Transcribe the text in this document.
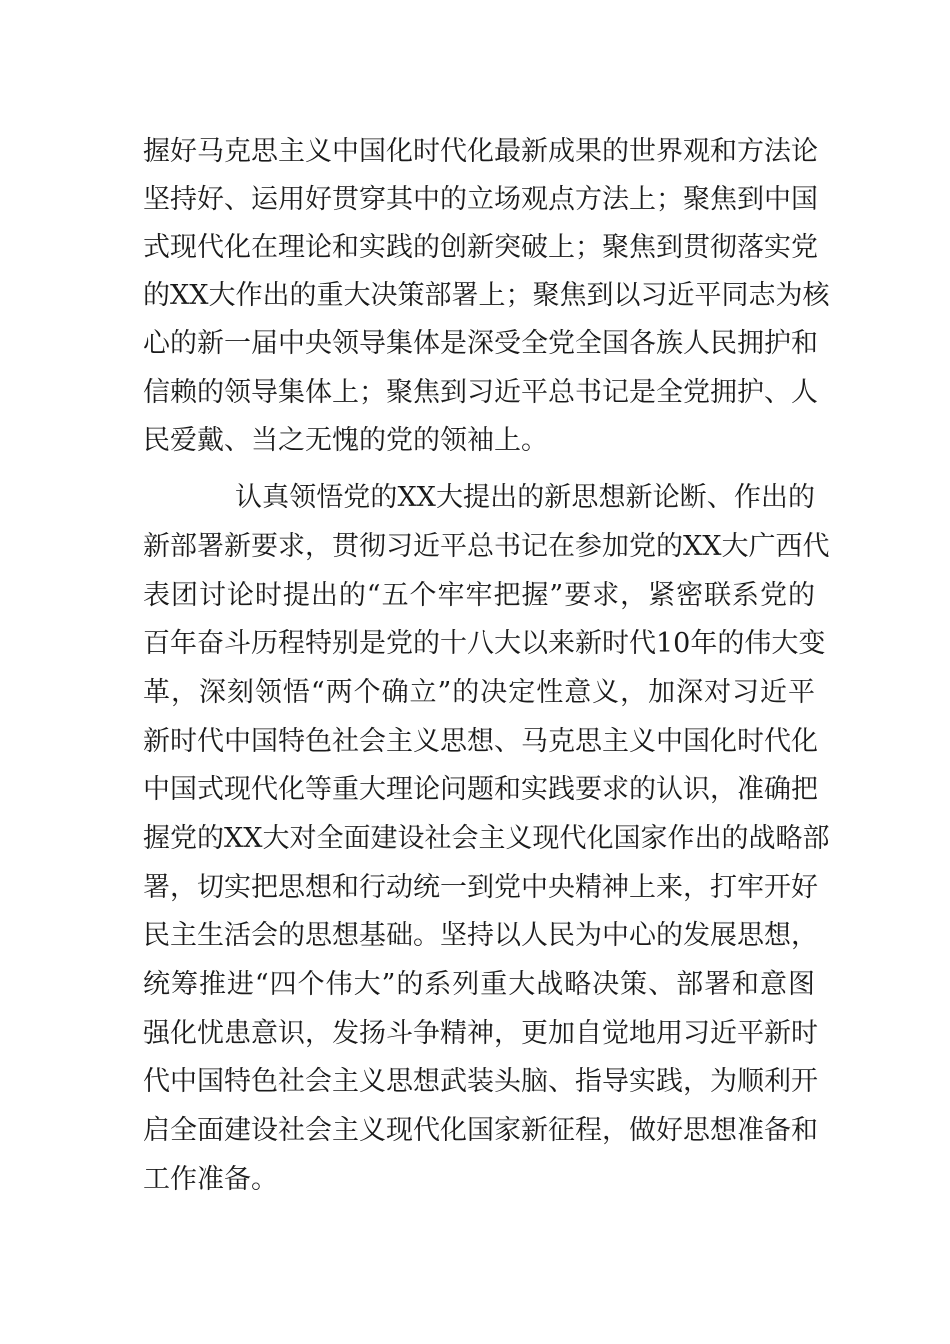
握好马克思主义中国化时代化最新成果的世界观和方法论
坚持好、运用好贯穿其中的立场观点方法上；聚焦到中国
式现代化在理论和实践的创新突破上；聚焦到贯彻落实党
的XX大作出的重大决策部署上；聚焦到以习近平同志为核
心的新一届中央领导集体是深受全党全国各族人民拥护和
信赖的领导集体上；聚焦到习近平总书记是全党拥护、人
民爱戴、当之无愧的党的领袖上。
认真领悟党的XX大提出的新思想新论断、作出的
新部署新要求，贯彻习近平总书记在参加党的XX大广西代
表团讨论时提出的“五个牢牢把握”要求，紧密联系党的
百年奋斗历程特别是党的十八大以来新时代10年的伟大变
革，深刻领悟“两个确立”的决定性意义，加深对习近平
新时代中国特色社会主义思想、马克思主义中国化时代化
中国式现代化等重大理论问题和实践要求的认识，准确把
握党的XX大对全面建设社会主义现代化国家作出的战略部
署，切实把思想和行动统一到党中央精神上来，打牢开好
民主生活会的思想基础。坚持以人民为中心的发展思想，
统筹推进“四个伟大”的系列重大战略决策、部署和意图
强化忧患意识，发扬斗争精神，更加自觉地用习近平新时
代中国特色社会主义思想武装头脑、指导实践，为顺利开
启全面建设社会主义现代化国家新征程，做好思想准备和
工作准备。
